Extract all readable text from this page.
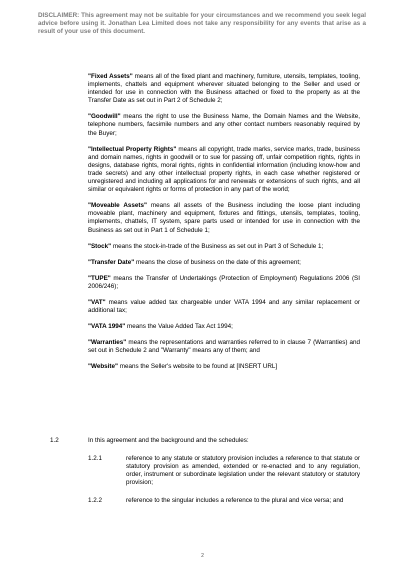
DISCLAIMER: This agreement may not be suitable for your circumstances and we recommend you seek legal advice before using it. Jonathan Lea Limited does not take any responsibility for any events that arise as a result of your use of this document.

"Fixed Assets" means all of the fixed plant and machinery, furniture, utensils, templates, tooling, implements, chattels and equipment wherever situated belonging to the Seller and used or intended for use in connection with the Business attached or fixed to the property as at the Transfer Date as set out in Part 2 of Schedule 2;

"Goodwill" means the right to use the Business Name, the Domain Names and the Website, telephone numbers, facsimile numbers and any other contact numbers reasonably required by the Buyer;

"Intellectual Property Rights" means all copyright, trade marks, service marks, trade, business and domain names, rights in goodwill or to sue for passing off, unfair competition rights, rights in designs, database rights, moral rights, rights in confidential information (including know-how and trade secrets) and any other intellectual property rights, in each case whether registered or unregistered and including all applications for and renewals or extensions of such rights, and all similar or equivalent rights or forms of protection in any part of the world;

"Moveable Assets" means all assets of the Business including the loose plant including moveable plant, machinery and equipment, fixtures and fittings, utensils, templates, tooling, implements, chattels, IT system, spare parts used or intended for use in connection with the Business as set out in Part 1 of Schedule 1;

"Stock" means the stock-in-trade of the Business as set out in Part 3 of Schedule 1;

"Transfer Date" means the close of business on the date of this agreement;

"TUPE" means the Transfer of Undertakings (Protection of Employment) Regulations 2006 (SI 2006/246);

"VAT" means value added tax chargeable under VATA 1994 and any similar replacement or additional tax;

"VATA 1994" means the Value Added Tax Act 1994;

"Warranties" means the representations and warranties referred to in clause 7 (Warranties) and set out in Schedule 2 and "Warranty" means any of them; and

"Website" means the Seller's website to be found at [INSERT URL]

1.2	In this agreement and the background and the schedules:
1.2.1	reference to any statute or statutory provision includes a reference to that statute or statutory provision as amended, extended or re-enacted and to any regulation, order, instrument or subordinate legislation under the relevant statutory or statutory provision;
1.2.2	reference to the singular includes a reference to the plural and vice versa; and
2
